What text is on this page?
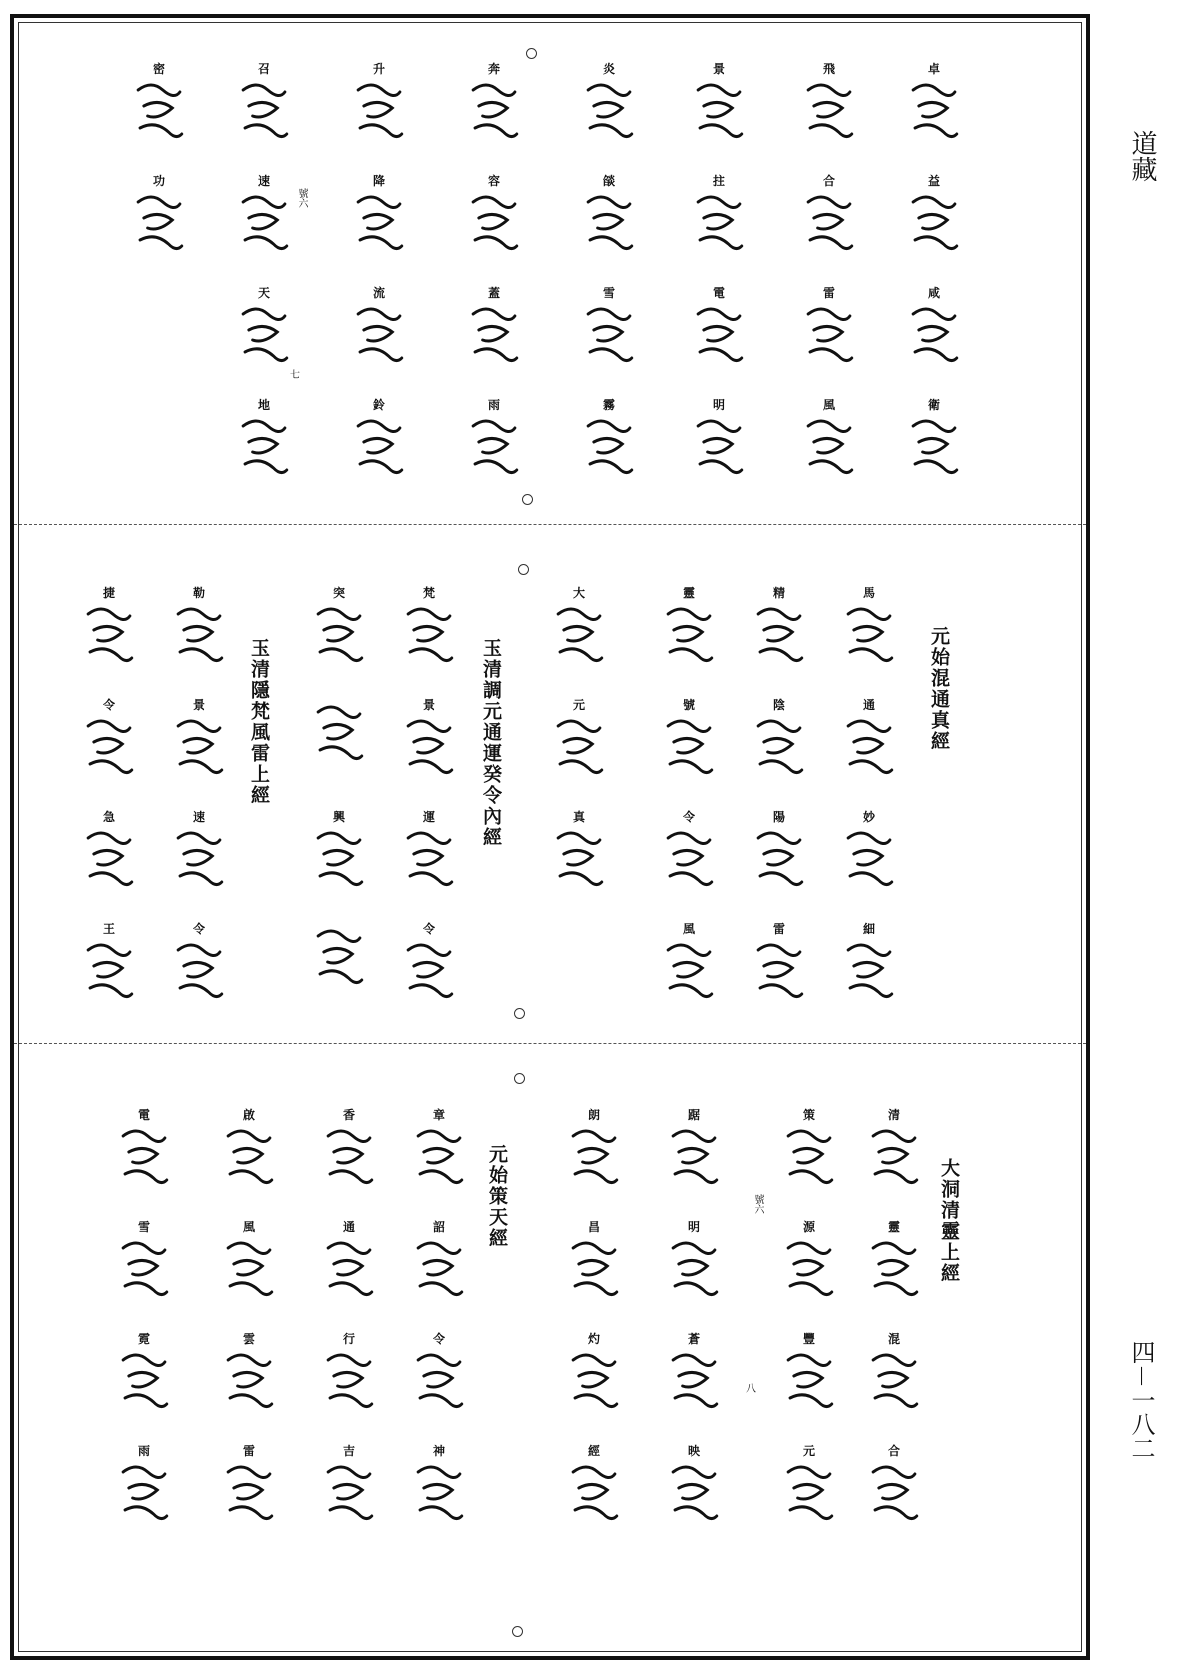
卓
益
咸
衛
飛
合
雷
風
景
拄
電
明
炎
燄
雪
霧
奔
容
蓋
雨
升
降
流
鈴
召
速
天
地
密
功
馬
通
妙
細
精
陰
陽
雷
靈
號
令
風
大
元
真
梵
景
運
令
突
興
勒
景
速
令
捷
令
急
王
清
靈
混
合
策
源
豐
元
踞
明
蒼
映
朗
昌
灼
經
章
詔
令
神
香
通
行
吉
啟
風
雲
雷
電
雪
霓
雨
元始混通真經
玉清調元通運癸令內經
玉清隱梵風雷上經
大洞清靈上經
元始策天經
號六
七
號六
八
道藏
四－一八二
